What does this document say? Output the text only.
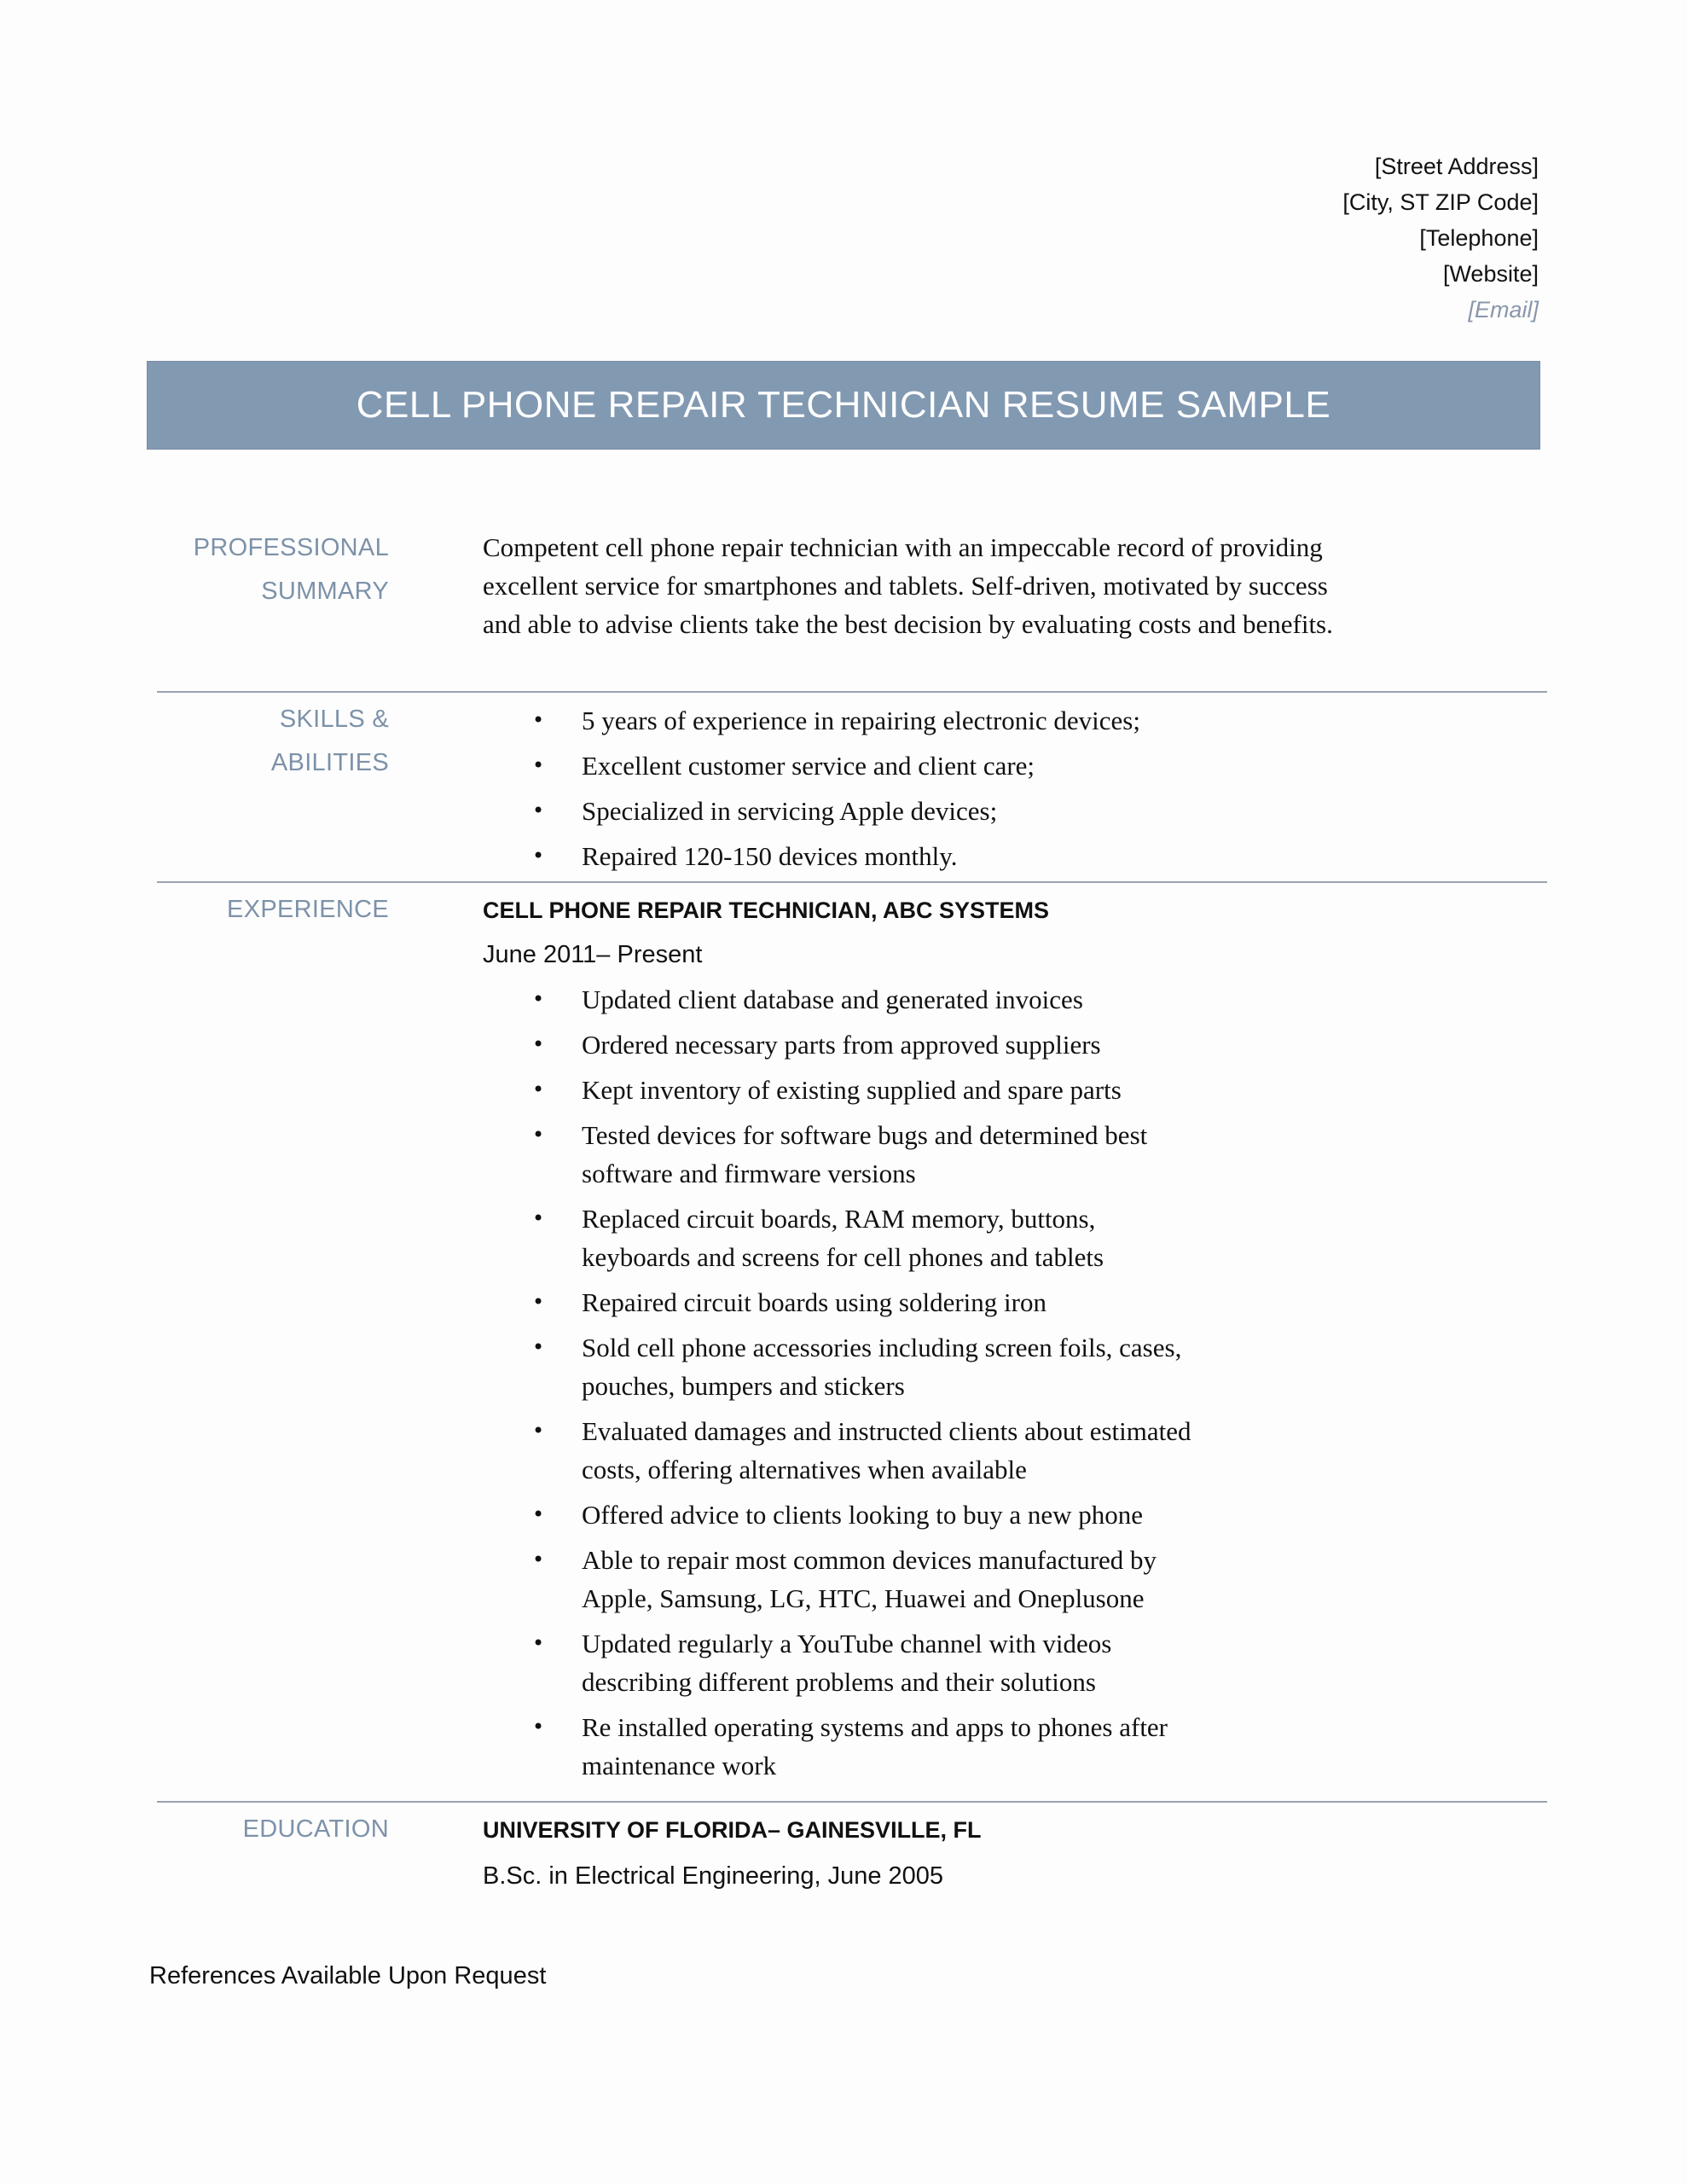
[Street Address]
[City, ST ZIP Code]
[Telephone]
[Website]
[Email]
CELL PHONE REPAIR TECHNICIAN RESUME SAMPLE
PROFESSIONAL
SUMMARY

Competent cell phone repair technician with an impeccable record of providing excellent service for smartphones and tablets. Self-driven, motivated by success and able to advise clients take the best decision by evaluating costs and benefits.

SKILLS & ABILITIES
• 5 years of experience in repairing electronic devices;
• Excellent customer service and client care;
• Specialized in servicing Apple devices;
• Repaired 120-150 devices monthly.
EXPERIENCE	CELL PHONE REPAIR TECHNICIAN, ABC SYSTEMS

June 2011– Present

• Updated client database and generated invoices
• Ordered necessary parts from approved suppliers
• Kept inventory of existing supplied and spare parts
• Tested devices for software bugs and determined best software and firmware versions
• Replaced circuit boards, RAM memory, buttons, keyboards and screens for cell phones and tablets
• Repaired circuit boards using soldering iron
• Sold cell phone accessories including screen foils, cases, pouches, bumpers and stickers
• Evaluated damages and instructed clients about estimated costs, offering alternatives when available
• Offered advice to clients looking to buy a new phone
• Able to repair most common devices manufactured by Apple, Samsung, LG, HTC, Huawei and Oneplusone
• Updated regularly a YouTube channel with videos describing different problems and their solutions
• Re installed operating systems and apps to phones after maintenance work
EDUCATION	UNIVERSITY OF FLORIDA– GAINESVILLE, FL

B.Sc. in Electrical Engineering, June 2005

References Available Upon Request
